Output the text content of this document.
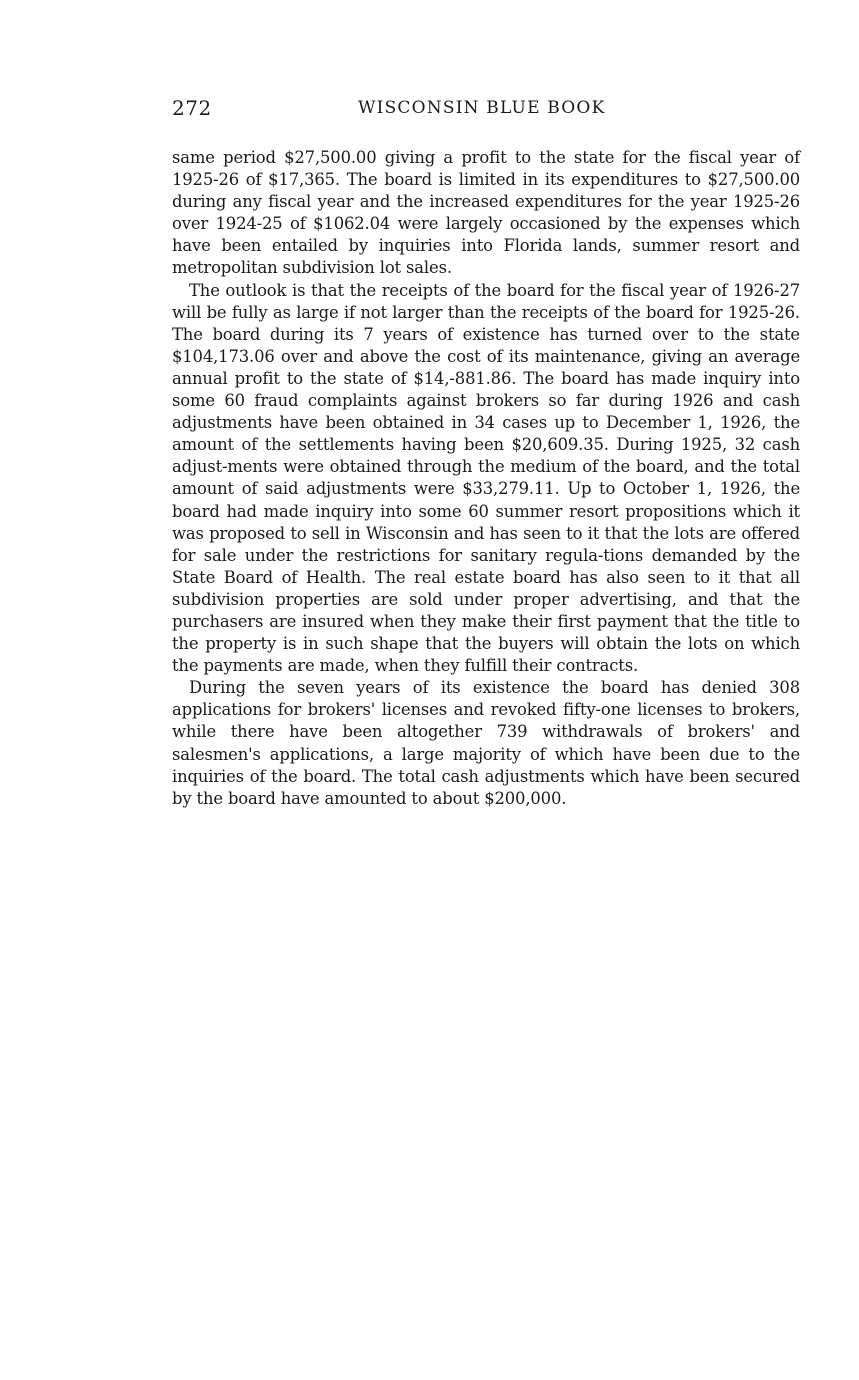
272	WISCONSIN BLUE BOOK

same period $27,500.00 giving a profit to the state for the fiscal year of 1925-26 of $17,365. The board is limited in its expenditures to $27,500.00 during any fiscal year and the increased expenditures for the year 1925-26 over 1924-25 of $1062.04 were largely occasioned by the expenses which have been entailed by inquiries into Florida lands, summer resort and metropolitan subdivision lot sales.

The outlook is that the receipts of the board for the fiscal year of 1926-27 will be fully as large if not larger than the receipts of the board for 1925-26. The board during its 7 years of existence has turned over to the state $104,173.06 over and above the cost of its maintenance, giving an average annual profit to the state of $14,-881.86. The board has made inquiry into some 60 fraud complaints against brokers so far during 1926 and cash adjustments have been obtained in 34 cases up to December 1, 1926, the amount of the settlements having been $20,609.35. During 1925, 32 cash adjust-ments were obtained through the medium of the board, and the total amount of said adjustments were $33,279.11. Up to October 1, 1926, the board had made inquiry into some 60 summer resort propositions which it was proposed to sell in Wisconsin and has seen to it that the lots are offered for sale under the restrictions for sanitary regula-tions demanded by the State Board of Health. The real estate board has also seen to it that all subdivision properties are sold under proper advertising, and that the purchasers are insured when they make their first payment that the title to the property is in such shape that the buyers will obtain the lots on which the payments are made, when they fulfill their contracts.

During the seven years of its existence the board has denied 308 applications for brokers' licenses and revoked fifty-one licenses to brokers, while there have been altogether 739 withdrawals of brokers' and salesmen's applications, a large majority of which have been due to the inquiries of the board. The total cash adjustments which have been secured by the board have amounted to about $200,000.
